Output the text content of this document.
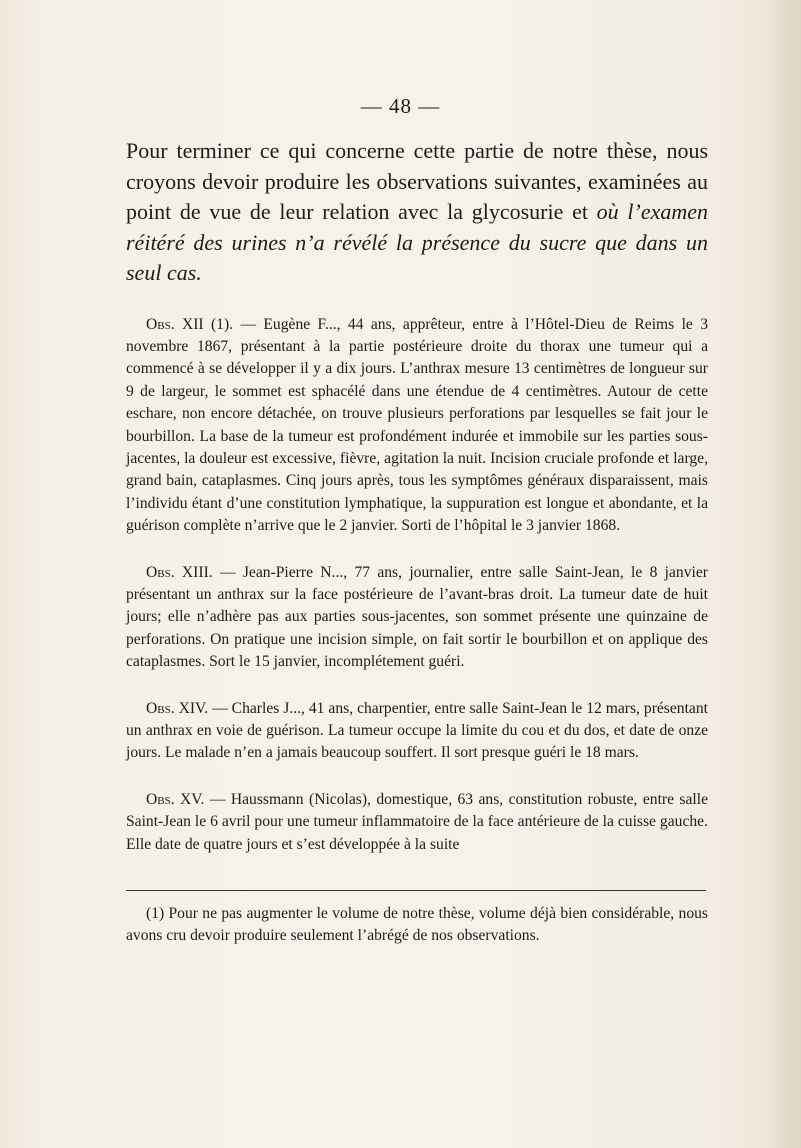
— 48 —

Pour terminer ce qui concerne cette partie de notre thèse, nous croyons devoir produire les observations suivantes, examinées au point de vue de leur relation avec la glycosurie et où l’examen réitéré des urines n’a révélé la présence du sucre que dans un seul cas.

Obs. XII (1). — Eugène F..., 44 ans, apprêteur, entre à l’Hôtel-Dieu de Reims le 3 novembre 1867, présentant à la partie postérieure droite du thorax une tumeur qui a commencé à se développer il y a dix jours. L’anthrax mesure 13 centimètres de longueur sur 9 de largeur, le sommet est sphacélé dans une étendue de 4 centimètres. Autour de cette eschare, non encore détachée, on trouve plusieurs perforations par lesquelles se fait jour le bourbillon. La base de la tumeur est profondément indurée et immobile sur les parties sous-jacentes, la douleur est excessive, fièvre, agitation la nuit. Incision cruciale profonde et large, grand bain, cataplasmes. Cinq jours après, tous les symptômes généraux disparaissent, mais l’individu étant d’une constitution lymphatique, la suppuration est longue et abondante, et la guérison complète n’arrive que le 2 janvier. Sorti de l’hôpital le 3 janvier 1868.

Obs. XIII. — Jean-Pierre N..., 77 ans, journalier, entre salle Saint-Jean, le 8 janvier présentant un anthrax sur la face postérieure de l’avant-bras droit. La tumeur date de huit jours; elle n’adhère pas aux parties sous-jacentes, son sommet présente une quinzaine de perforations. On pratique une incision simple, on fait sortir le bourbillon et on applique des cataplasmes. Sort le 15 janvier, incomplétement guéri.

Obs. XIV. — Charles J..., 41 ans, charpentier, entre salle Saint-Jean le 12 mars, présentant un anthrax en voie de guérison. La tumeur occupe la limite du cou et du dos, et date de onze jours. Le malade n’en a jamais beaucoup souffert. Il sort presque guéri le 18 mars.

Obs. XV. — Haussmann (Nicolas), domestique, 63 ans, constitution robuste, entre salle Saint-Jean le 6 avril pour une tumeur inflammatoire de la face antérieure de la cuisse gauche. Elle date de quatre jours et s’est développée à la suite

(1) Pour ne pas augmenter le volume de notre thèse, volume déjà bien considérable, nous avons cru devoir produire seulement l’abrégé de nos observations.
